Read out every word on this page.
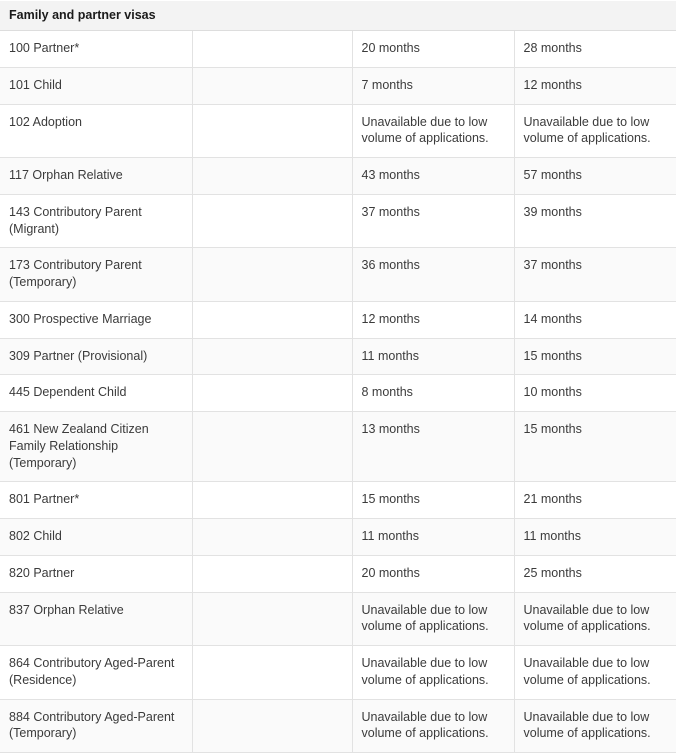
Family and partner visas			

100 Partner*		20 months	28 months

101 Child		7 months	12 months

102 Adoption		Unavailable due to low volume of applications.	Unavailable due to low volume of applications.

117 Orphan Relative		43 months	57 months

143 Contributory Parent (Migrant)		37 months	39 months

173 Contributory Parent (Temporary)		36 months	37 months

300 Prospective Marriage		12 months	14 months

309 Partner (Provisional)		11 months	15 months

445 Dependent Child		8 months	10 months

461 New Zealand Citizen Family Relationship (Temporary)		13 months	15 months

801 Partner*		15 months	21 months

802 Child		11 months	11 months

820 Partner		20 months	25 months

837 Orphan Relative		Unavailable due to low volume of applications.	Unavailable due to low volume of applications.

864 Contributory Aged-Parent (Residence)		Unavailable due to low volume of applications.	Unavailable due to low volume of applications.

884 Contributory Aged-Parent (Temporary)		Unavailable due to low volume of applications.	Unavailable due to low volume of applications.
